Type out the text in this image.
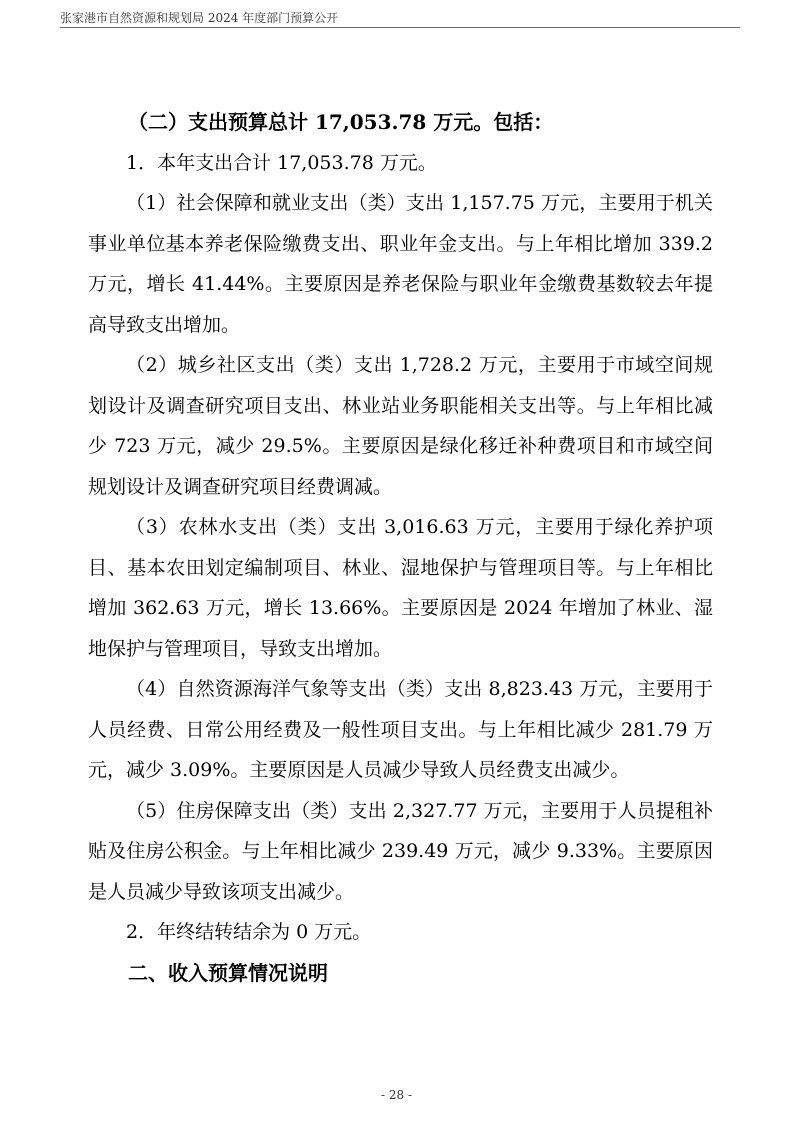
张家港市自然资源和规划局 2024 年度部门预算公开

（二）支出预算总计 17,053.78 万元。包括：

1．本年支出合计 17,053.78 万元。

（1）社会保障和就业支出（类）支出 1,157.75 万元，主要用于机关事业单位基本养老保险缴费支出、职业年金支出。与上年相比增加 339.2 万元，增长 41.44%。主要原因是养老保险与职业年金缴费基数较去年提高导致支出增加。

（2）城乡社区支出（类）支出 1,728.2 万元，主要用于市域空间规划设计及调查研究项目支出、林业站业务职能相关支出等。与上年相比减少 723 万元，减少 29.5%。主要原因是绿化移迁补种费项目和市域空间规划设计及调查研究项目经费调减。

（3）农林水支出（类）支出 3,016.63 万元，主要用于绿化养护项目、基本农田划定编制项目、林业、湿地保护与管理项目等。与上年相比增加 362.63 万元，增长 13.66%。主要原因是 2024 年增加了林业、湿地保护与管理项目，导致支出增加。

（4）自然资源海洋气象等支出（类）支出 8,823.43 万元，主要用于人员经费、日常公用经费及一般性项目支出。与上年相比减少 281.79 万元，减少 3.09%。主要原因是人员减少导致人员经费支出减少。

（5）住房保障支出（类）支出 2,327.77 万元，主要用于人员提租补贴及住房公积金。与上年相比减少 239.49 万元，减少 9.33%。主要原因是人员减少导致该项支出减少。

2．年终结转结余为 0 万元。

二、收入预算情况说明

- 28 -
